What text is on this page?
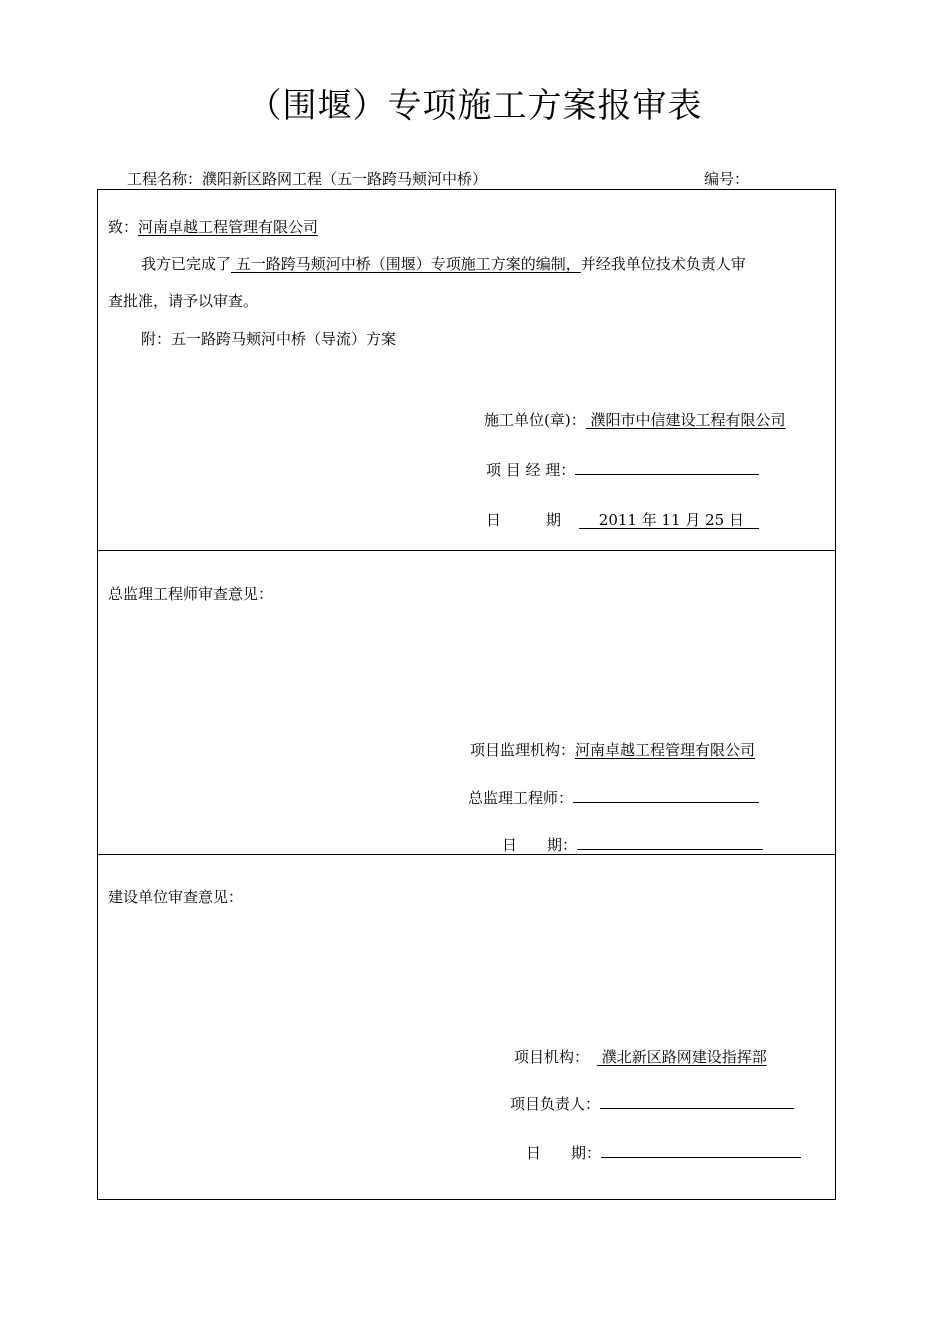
（围堰）专项施工方案报审表
工程名称：濮阳新区路网工程（五一路跨马颊河中桥）	编号：
致：河南卓越工程管理有限公司
我方已完成了 五一路跨马颊河中桥（围堰）专项施工方案的编制，并经我单位技术负责人审
查批准，请予以审查。
附：五一路跨马颊河中桥（导流）方案
施工单位(章)： 濮阳市中信建设工程有限公司
项 目 经 理：
日　　　期　 2011 年 11 月 25 日　
总监理工程师审查意见：
项目监理机构：河南卓越工程管理有限公司
总监理工程师：
日　　期：
建设单位审查意见：
项目机构： 濮北新区路网建设指挥部
项目负责人：
日　　期：
